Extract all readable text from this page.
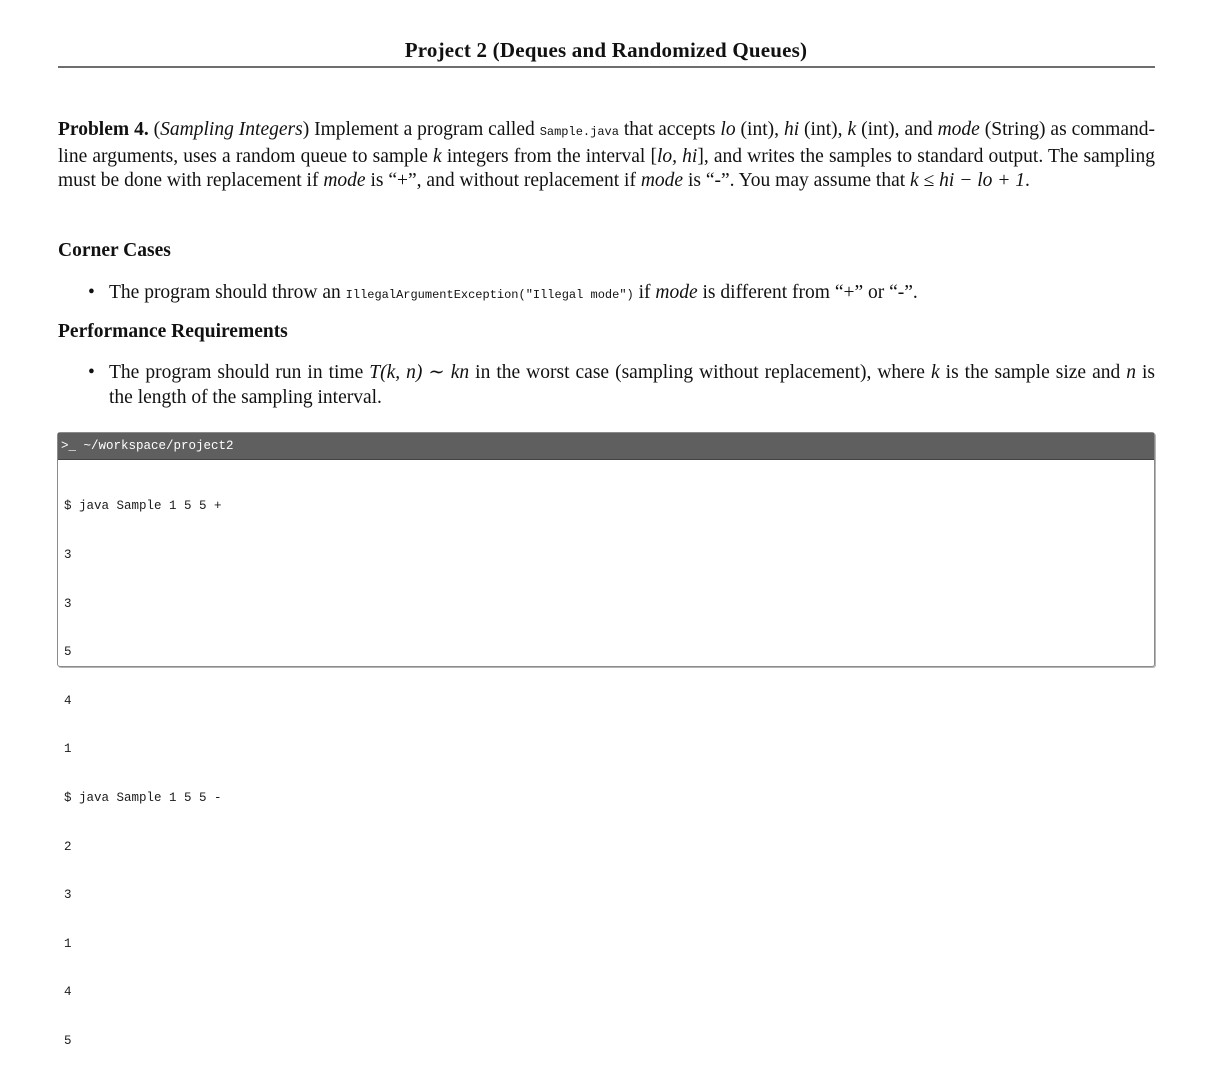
Project 2 (Deques and Randomized Queues)
Problem 4. (Sampling Integers) Implement a program called Sample.java that accepts lo (int), hi (int), k (int), and mode (String) as command-line arguments, uses a random queue to sample k integers from the interval [lo, hi], and writes the samples to standard output. The sampling must be done with replacement if mode is “+”, and without replacement if mode is “-”. You may assume that k ≤ hi − lo + 1.
Corner Cases
• The program should throw an IllegalArgumentException("Illegal mode") if mode is different from “+” or “-”.
Performance Requirements
• The program should run in time T(k, n) ∼ kn in the worst case (sampling without replacement), where k is the sample size and n is the length of the sampling interval.
>_ ~/workspace/project2

$ java Sample 1 5 5 +

3

3

5

4

1

$ java Sample 1 5 5 -

2

3

1

4

5
